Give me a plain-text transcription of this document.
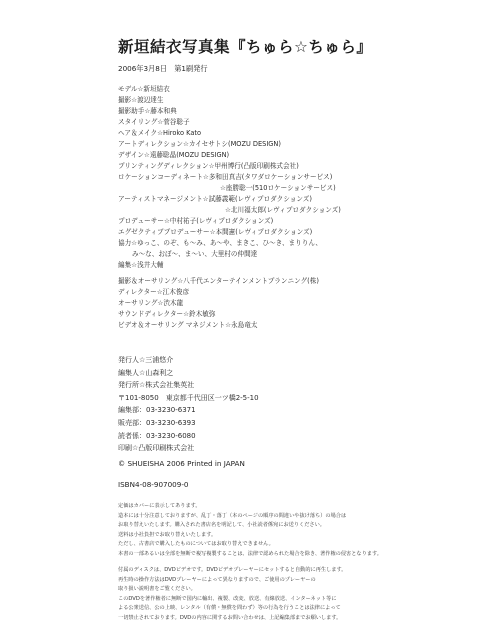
新垣結衣写真集『ちゅら☆ちゅら』
2006年3月8日　第1刷発行
モデル☆新垣結衣
撮影☆渡辺達生
撮影助手☆藤本和典
スタイリング☆菅谷聡子
ヘア＆メイク☆Hiroko Kato
アートディレクション☆カイセサトシ(MOZU DESIGN)
デザイン☆遠藤聡晶(MOZU DESIGN)
プリンティングディレクション☆甲州博行(凸版印刷株式会社)
ロケーションコーディネート☆多和田真吉(タワダロケーションサービス)
☆座勝聡一(510ロケーションサービス)
アーティストマネージメント☆試藤義範(レヴィプロダクションズ)
☆北川福太郎(レヴィプロダクションズ)
プロデューサー☆中村祐子(レヴィプロダクションズ)
エグゼクティブプロデューサー☆本間憲(レヴィプロダクションズ)
協力☆ゆっこ、のぞ、も～み、あ～や、まきこ、ひ～き、まりりん、
み～な、おぼ～、ま～い、大里村の仲間達
編集☆浅井大輔
撮影＆オーサリング☆八千代エンターテインメントプランニング(株)
ディレクター☆江木俊彦
オーサリング☆渋木龍
サウンドディレクター☆鈴木敏弥
ビデオ＆オーサリング マネジメント☆永島竜太
発行人☆三浦悠介
編集人☆山森利之
発行所☆株式会社集英社
〒101-8050　東京都千代田区一ツ橋2-5-10
編集部：03-3230-6371
販売部：03-3230-6393
読者係：03-3230-6080
印刷☆凸版印刷株式会社
© SHUEISHA 2006 Printed in JAPAN
ISBN4-08-907009-0
定価はカバーに表示してあります。
造本には十分注意しておりますが、乱丁・落丁（本のページの順序の間違いや抜け落ち）の場合は
お取り替えいたします。購入された書店名を明記して、小社読者係宛にお送りください。
送料は小社負担でお取り替えいたします。
ただし、古書店で購入したものについてはお取り替えできません。
本書の一部あるいは全部を無断で複写複製することは、法律で認められた場合を除き、著作権の侵害となります。
付属のディスクは、DVDビデオです。DVDビデオプレーヤーにセットすると自動的に再生します。
再生時の操作方法はDVDプレーヤーによって異なりますので、ご使用のプレーヤーの
取り扱い説明書をご覧ください。
このDVDを著作権者に無断で国内に輸出、複製、改変、放送、有線放送、インターネット等に
よる公衆送信、公の上映、レンタル（有償・無償を問わず）等の行為を行うことは法律によって
一切禁止されております。DVDの内容に関するお問い合わせは、上記編集部までお願いします。
